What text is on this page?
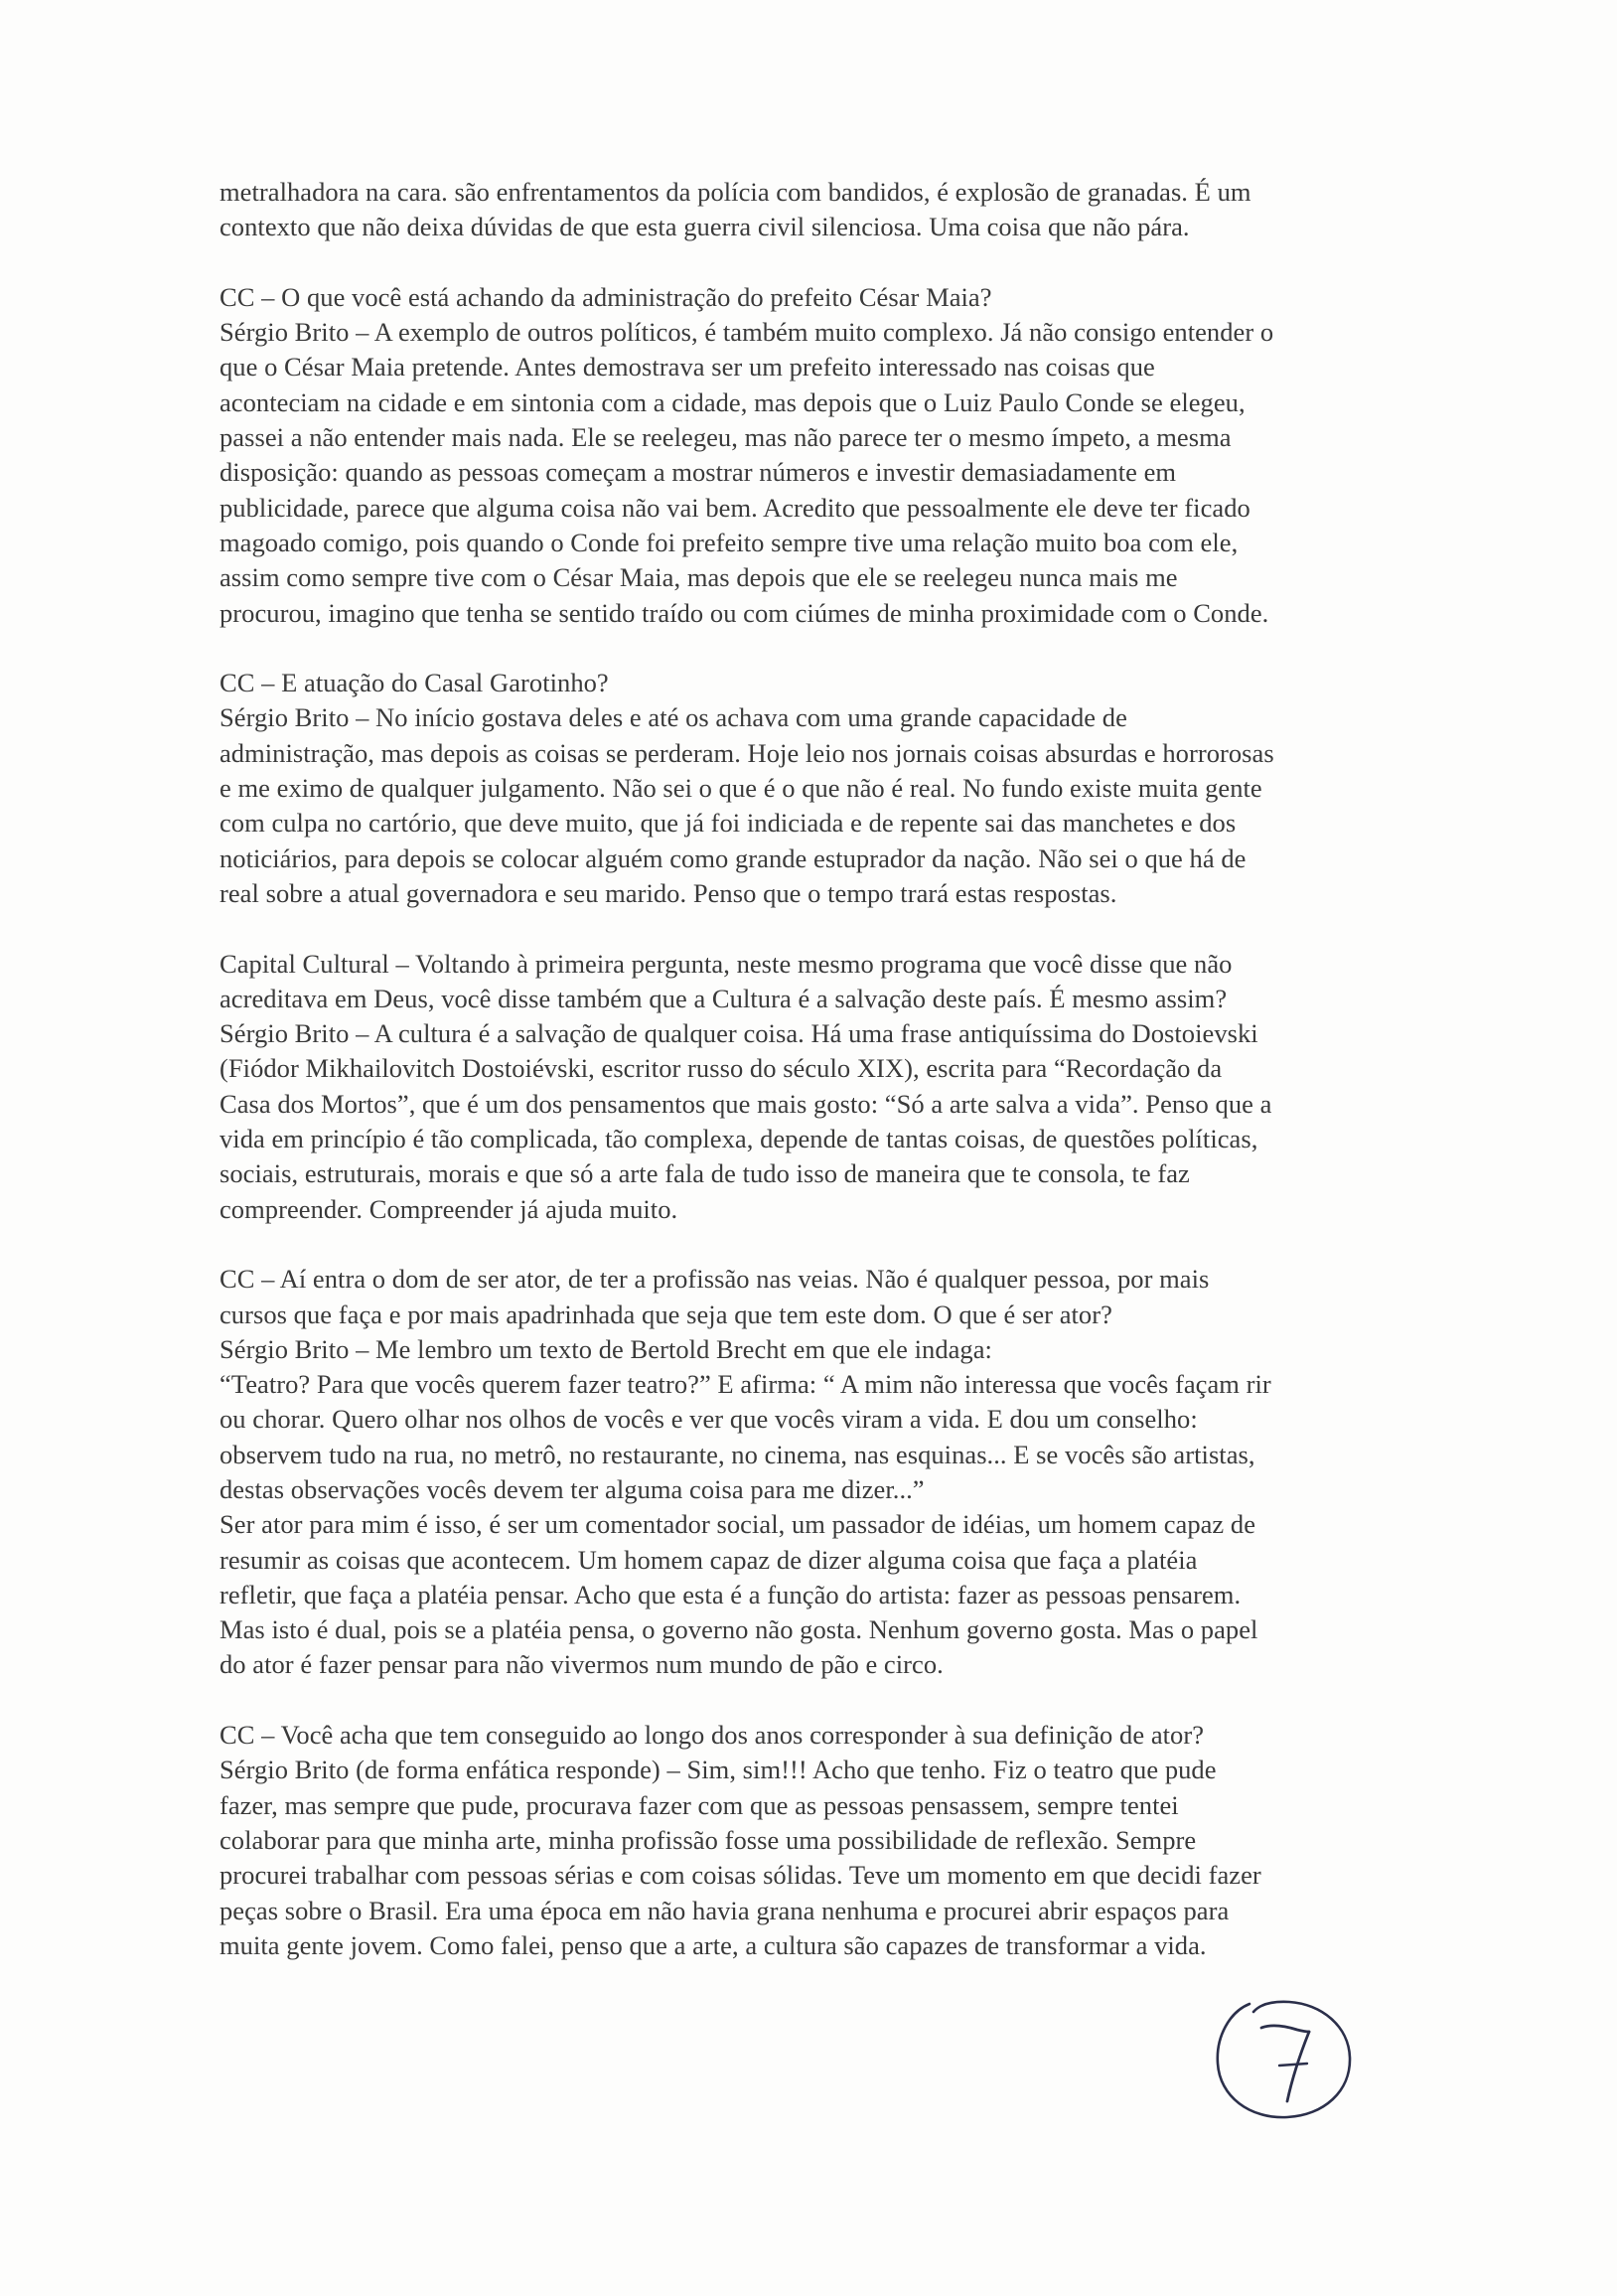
metralhadora na cara. são enfrentamentos da polícia com bandidos, é explosão de granadas. É um
contexto que não deixa dúvidas de que esta guerra civil silenciosa. Uma coisa que não pára.

CC – O que você está achando da administração do prefeito César Maia?
Sérgio Brito – A exemplo de outros políticos, é também muito complexo. Já não consigo entender o
que o César Maia pretende. Antes demostrava ser um prefeito interessado nas coisas que
aconteciam na cidade e em sintonia com a cidade, mas depois que o Luiz Paulo Conde se elegeu,
passei a não entender mais nada. Ele se reelegeu, mas não parece ter o mesmo ímpeto, a mesma
disposição: quando as pessoas começam a mostrar números e investir demasiadamente em
publicidade, parece que alguma coisa não vai bem. Acredito que pessoalmente ele deve ter ficado
magoado comigo, pois quando o Conde foi prefeito sempre tive uma relação muito boa com ele,
assim como sempre tive com o César Maia, mas depois que ele se reelegeu nunca mais me
procurou, imagino que tenha se sentido traído ou com ciúmes de minha proximidade com o Conde.

CC – E atuação do Casal Garotinho?
Sérgio Brito – No início gostava deles e até os achava com uma grande capacidade de
administração, mas depois as coisas se perderam. Hoje leio nos jornais coisas absurdas e horrorosas
e me eximo de qualquer julgamento. Não sei o que é o que não é real. No fundo existe muita gente
com culpa no cartório, que deve muito, que já foi indiciada e de repente sai das manchetes e dos
noticiários, para depois se colocar alguém como grande estuprador da nação. Não sei o que há de
real sobre a atual governadora e seu marido. Penso que o tempo trará estas respostas.

Capital Cultural – Voltando à primeira pergunta, neste mesmo programa que você disse que não
acreditava em Deus, você disse também que a Cultura é a salvação deste país. É mesmo assim?
Sérgio Brito – A cultura é a salvação de qualquer coisa. Há uma frase antiquíssima do Dostoievski
(Fiódor Mikhailovitch Dostoiévski, escritor russo do século XIX), escrita para “Recordação da
Casa dos Mortos”, que é um dos pensamentos que mais gosto: “Só a arte salva a vida”. Penso que a
vida em princípio é tão complicada, tão complexa, depende de tantas coisas, de questões políticas,
sociais, estruturais, morais e que só a arte fala de tudo isso de maneira que te consola, te faz
compreender. Compreender já ajuda muito.

CC – Aí entra o dom de ser ator, de ter a profissão nas veias. Não é qualquer pessoa, por mais
cursos que faça e por mais apadrinhada que seja que tem este dom. O que é ser ator?
Sérgio Brito – Me lembro um texto de Bertold Brecht em que ele indaga:
“Teatro? Para que vocês querem fazer teatro?” E afirma: “ A mim não interessa que vocês façam rir
ou chorar. Quero olhar nos olhos de vocês e ver que vocês viram a vida. E dou um conselho:
observem tudo na rua, no metrô, no restaurante, no cinema, nas esquinas... E se vocês são artistas,
destas observações vocês devem ter alguma coisa para me dizer...”
Ser ator para mim é isso, é ser um comentador social, um passador de idéias, um homem capaz de
resumir as coisas que acontecem. Um homem capaz de dizer alguma coisa que faça a platéia
refletir, que faça a platéia pensar. Acho que esta é a função do artista: fazer as pessoas pensarem.
Mas isto é dual, pois se a platéia pensa, o governo não gosta. Nenhum governo gosta. Mas o papel
do ator é fazer pensar para não vivermos num mundo de pão e circo.

CC – Você acha que tem conseguido ao longo dos anos corresponder à sua definição de ator?
Sérgio Brito (de forma enfática responde) – Sim, sim!!! Acho que tenho. Fiz o teatro que pude
fazer, mas sempre que pude, procurava fazer com que as pessoas pensassem, sempre tentei
colaborar para que minha arte, minha profissão fosse uma possibilidade de reflexão. Sempre
procurei trabalhar com pessoas sérias e com coisas sólidas. Teve um momento em que decidi fazer
peças sobre o Brasil. Era uma época em não havia grana nenhuma e procurei abrir espaços para
muita gente jovem. Como falei, penso que a arte, a cultura são capazes de transformar a vida.
